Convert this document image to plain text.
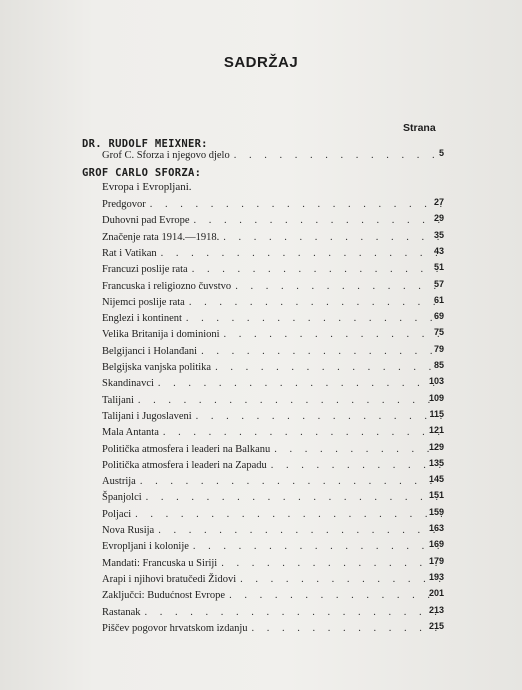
SADRŽAJ
Strana
DR. RUDOLF MEIXNER:
Grof C. Sforza i njegovo djelo . . .	5
GROF CARLO SFORZA:
Evropa i Evropljani.
Predgovor . . .	27
Duhovni pad Evrope . . .	29
Značenje rata 1914.—1918. . . .	35
Rat i Vatikan . . .	43
Francuzi poslije rata . . .	51
Francuska i religiozno čuvstvo . . .	57
Nijemci poslije rata . . .	61
Englezi i kontinent . . .	69
Velika Britanija i dominioni . . .	75
Belgijanci i Holanđani . . .	79
Belgijska vanjska politika . . .	85
Skandinavci . . .	103
Talijani . . .	109
Talijani i Jugoslaveni . . .	115
Mala Antanta . . .	121
Politička atmosfera i leaderi na Balkanu . . .	129
Politička atmosfera i leaderi na Zapadu . . .	135
Austrija . . .	145
Španjolci . . .	151
Poljaci . . .	159
Nova Rusija . . .	163
Evropljani i kolonije . . .	169
Mandati: Francuska u Siriji . . .	179
Arapi i njihovi bratučedi Židovi . . .	193
Zaključci: Budućnost Evrope . . .	201
Rastanak . . .	213
Piščev pogovor hrvatskom izdanju . . .	215
